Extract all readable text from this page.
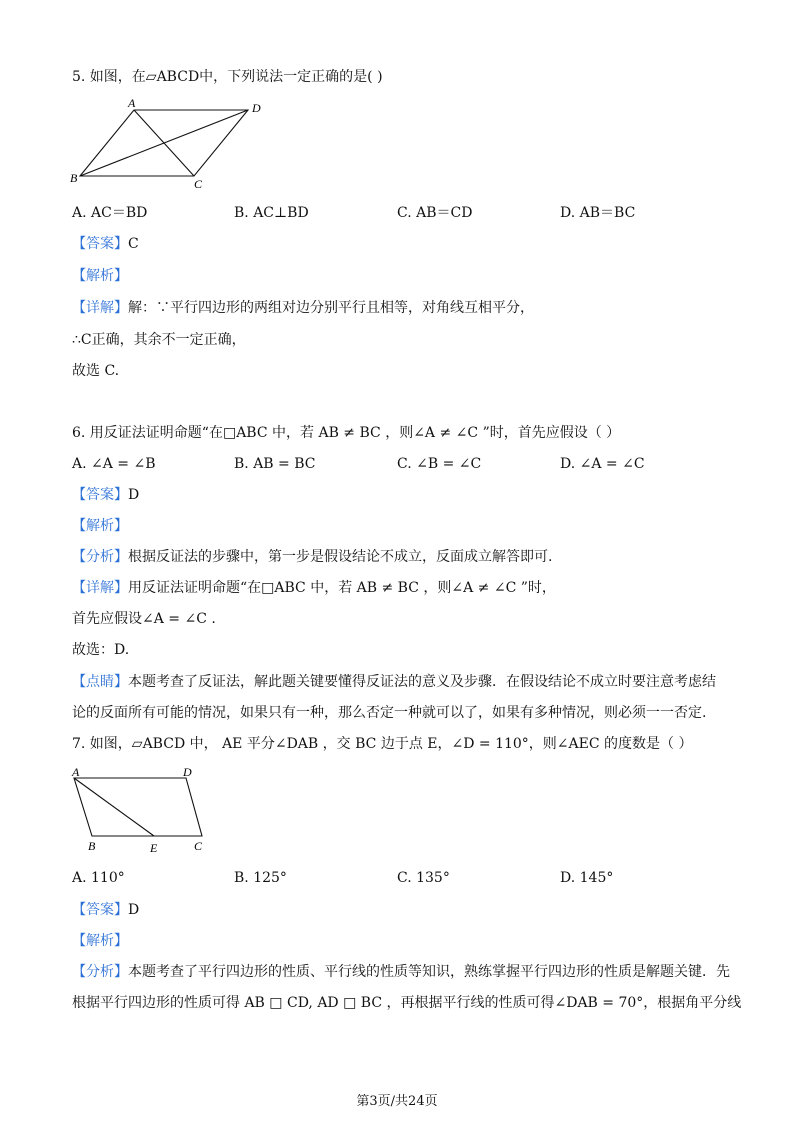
5. 如图，在▱ABCD中，下列说法一定正确的是( )
A	D
B	C
A. AC＝BD	B. AC⊥BD	C. AB＝CD	D. AB＝BC
【答案】C
【解析】
【详解】解：∵平行四边形的两组对边分别平行且相等，对角线互相平分，
∴C正确，其余不一定正确，
故选 C.
6. 用反证法证明命题“在□ABC 中，若 AB ≠ BC ，则∠A ≠ ∠C ”时，首先应假设（ ）
A. ∠A = ∠B	B. AB = BC	C. ∠B = ∠C	D. ∠A = ∠C
【答案】D
【解析】
【分析】根据反证法的步骤中，第一步是假设结论不成立，反面成立解答即可.
【详解】用反证法证明命题“在□ABC 中，若 AB ≠ BC ，则∠A ≠ ∠C ”时，
首先应假设∠A = ∠C .
故选：D.
【点睛】本题考查了反证法，解此题关键要懂得反证法的意义及步骤．在假设结论不成立时要注意考虑结
论的反面所有可能的情况，如果只有一种，那么否定一种就可以了，如果有多种情况，则必须一一否定.
7. 如图，▱ABCD 中， AE 平分∠DAB ，交 BC 边于点 E，∠D = 110°，则∠AEC 的度数是（ ）
A	D
B	E	C
A. 110°	B. 125°	C. 135°	D. 145°
【答案】D
【解析】
【分析】本题考查了平行四边形的性质、平行线的性质等知识，熟练掌握平行四边形的性质是解题关键．先
根据平行四边形的性质可得 AB □ CD, AD □ BC ，再根据平行线的性质可得∠DAB = 70°，根据角平分线
第3页/共24页
